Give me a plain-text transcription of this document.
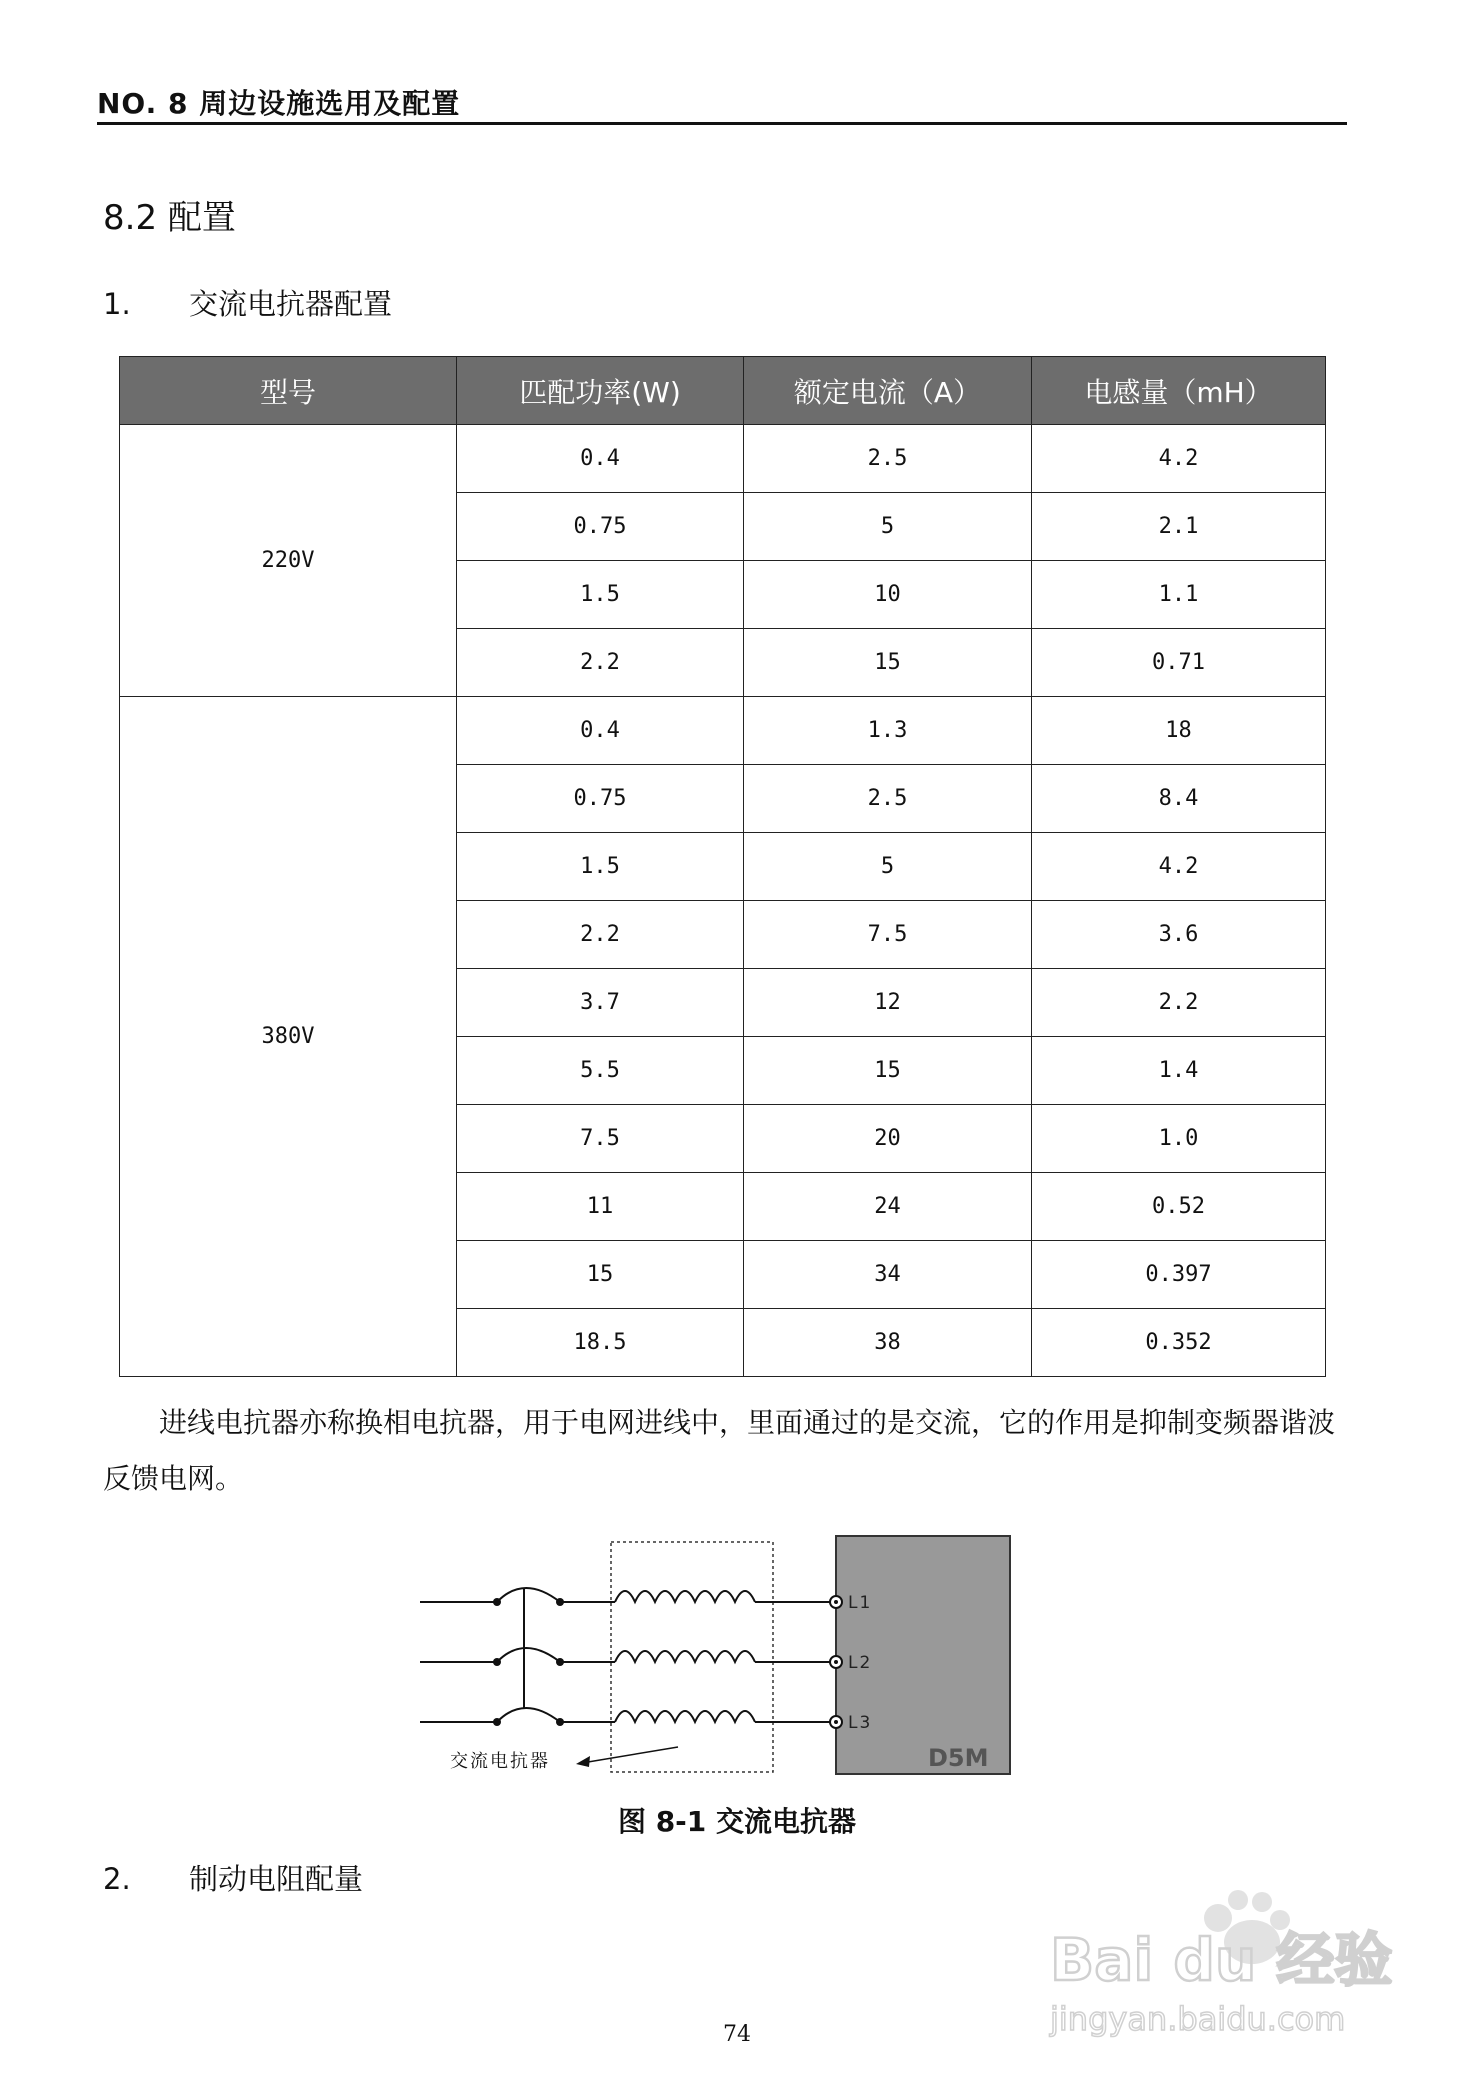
NO. 8 周边设施选用及配置
8.2 配置
1. 交流电抗器配置
型号	匹配功率(W)	额定电流（A）	电感量（mH）
220V	0.4	2.5	4.2
	0.75	5	2.1
	1.5	10	1.1
	2.2	15	0.71
380V	0.4	1.3	18
	0.75	2.5	8.4
	1.5	5	4.2
	2.2	7.5	3.6
	3.7	12	2.2
	5.5	15	1.4
	7.5	20	1.0
	11	24	0.52
	15	34	0.397
	18.5	38	0.352
进线电抗器亦称换相电抗器，用于电网进线中，里面通过的是交流，它的作用是抑制变频器谐波反馈电网。
L1
L2
L3
D5M
交流电抗器
图 8-1 交流电抗器
2. 制动电阻配量
74
Bai du 经验
jingyan.baidu.com
